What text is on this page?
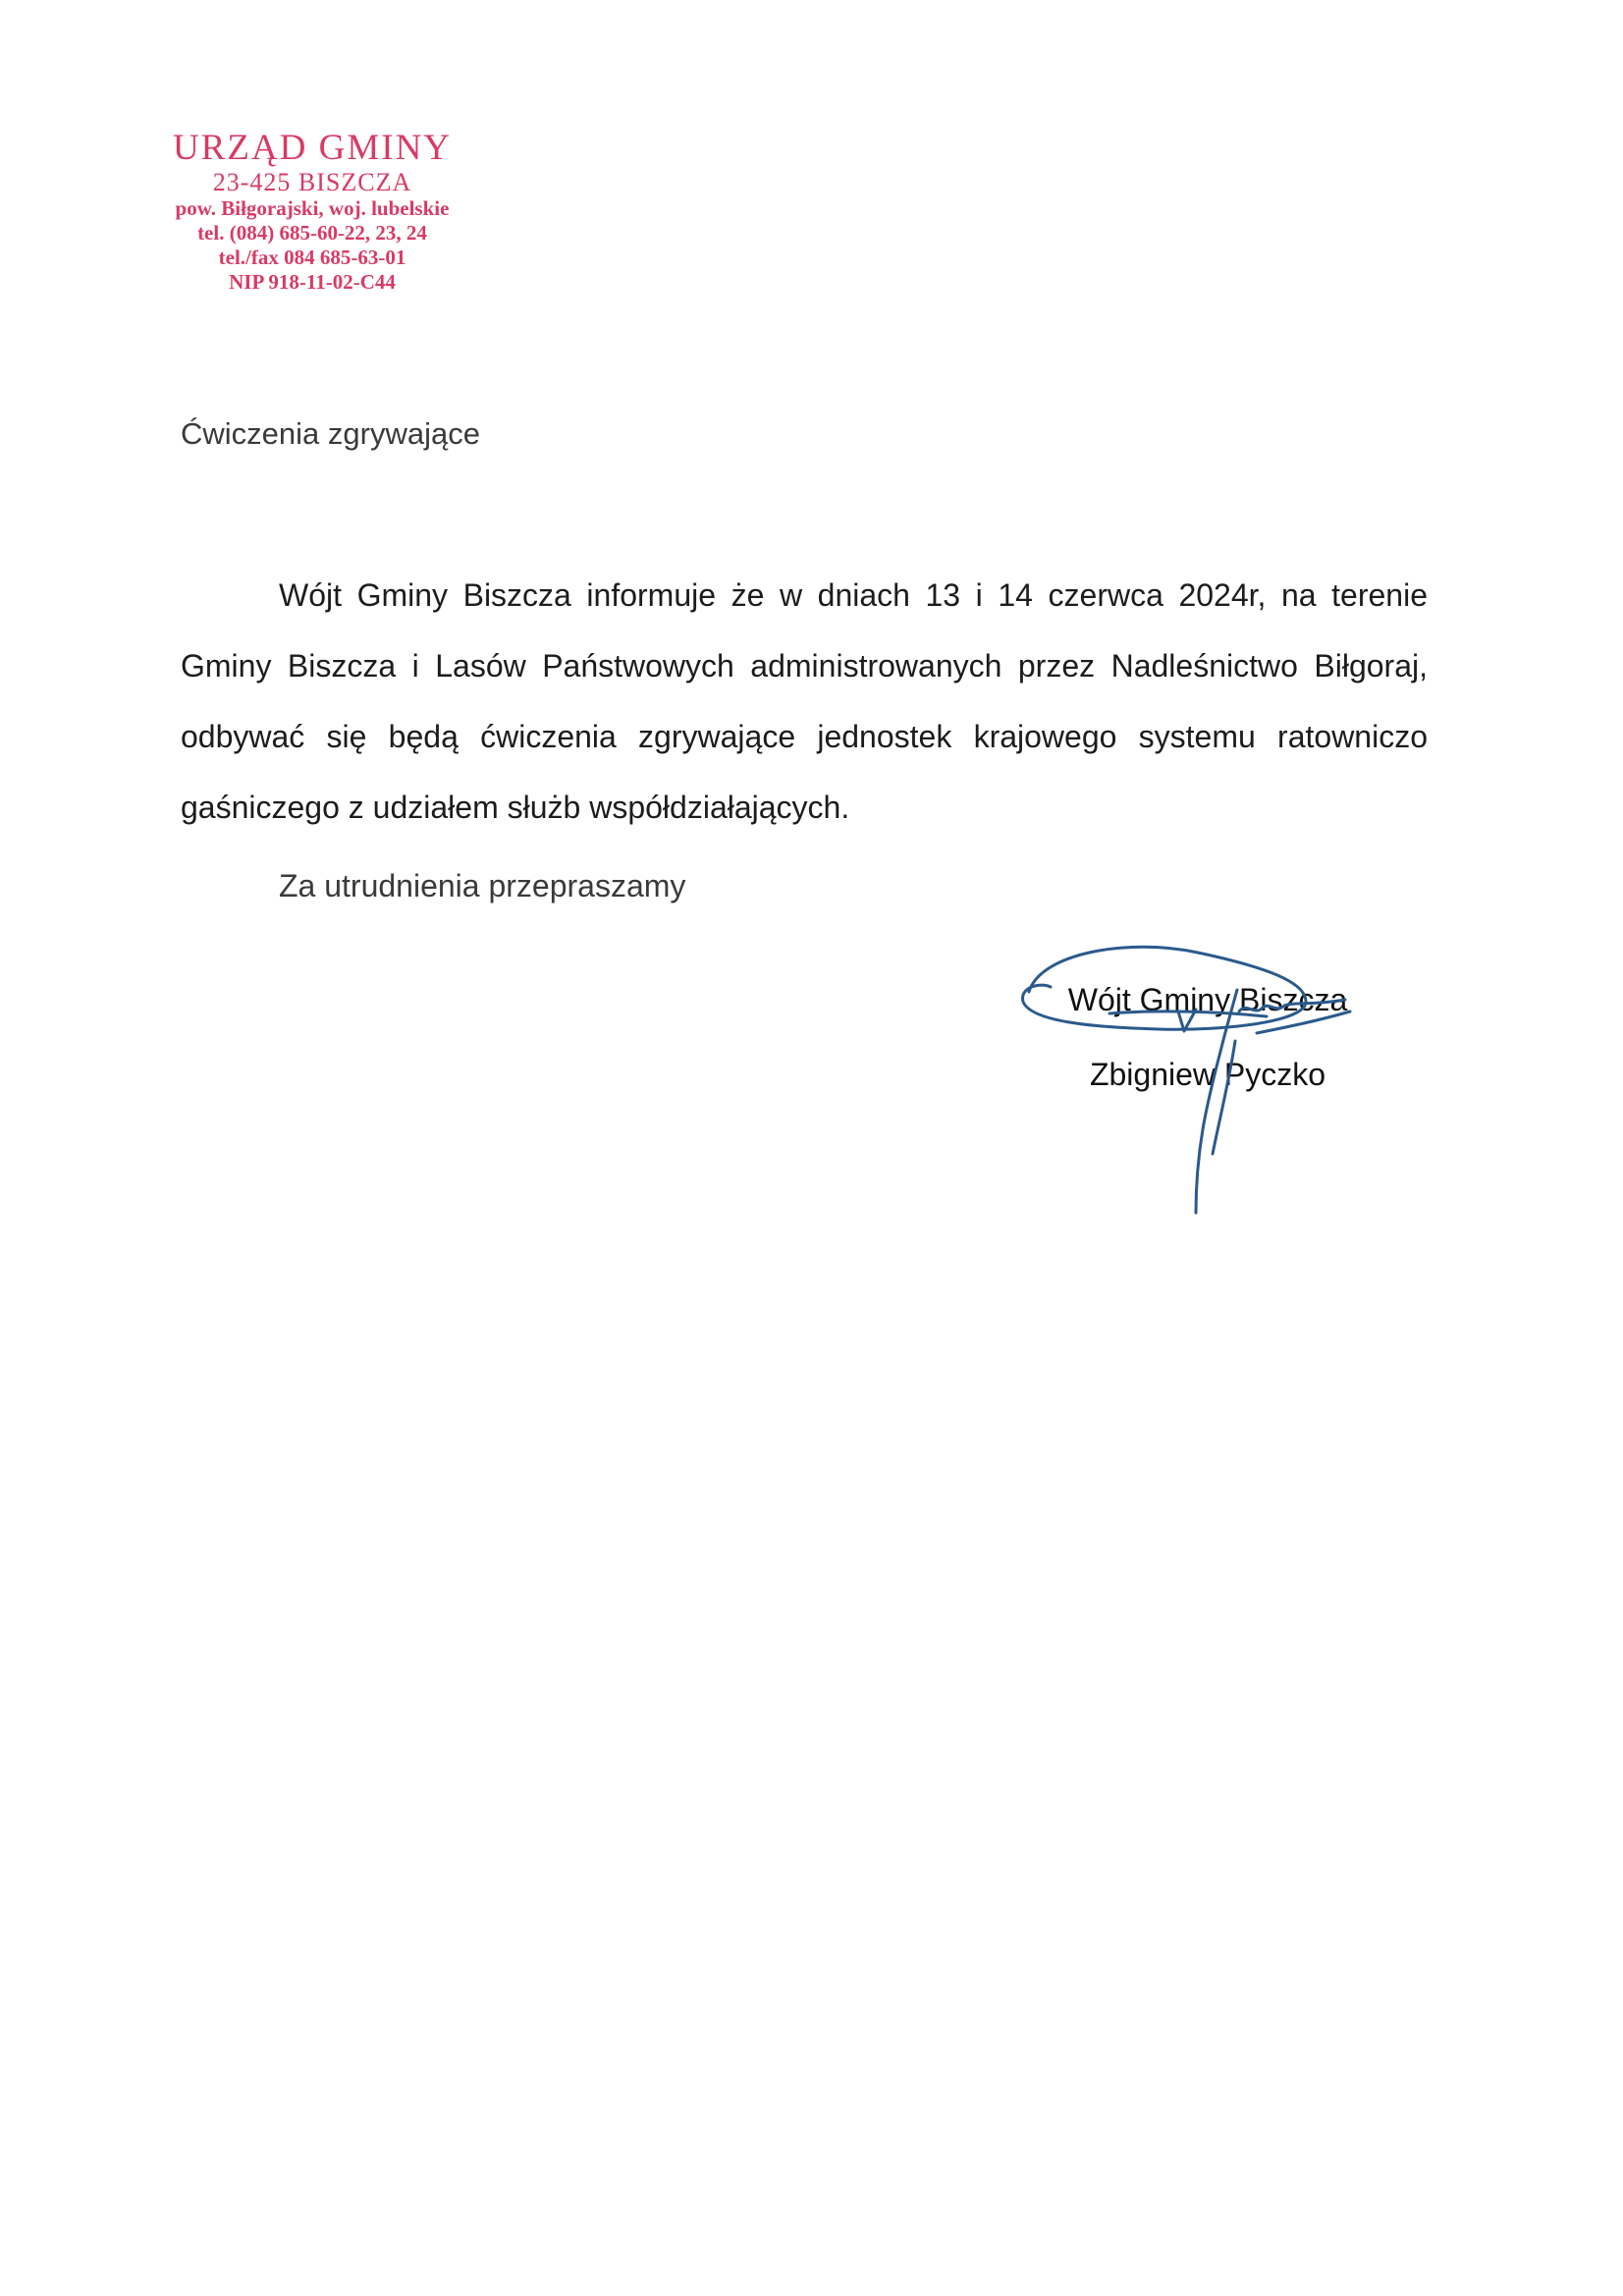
URZĄD GMINY
23-425 BISZCZA
pow. Biłgorajski, woj. lubelskie
tel. (084) 685-60-22, 23, 24
tel./fax 084 685-63-01
NIP 918-11-02-C44
Ćwiczenia zgrywające

Wójt Gminy Biszcza informuje że w dniach 13 i 14 czerwca 2024r, na terenie Gminy Biszcza i Lasów Państwowych administrowanych przez Nadleśnictwo Biłgoraj, odbywać się będą ćwiczenia zgrywające jednostek krajowego systemu ratowniczo gaśniczego z udziałem służb współdziałających.

Za utrudnienia przepraszamy
Wójt Gminy Biszcza
Zbigniew Pyczko
